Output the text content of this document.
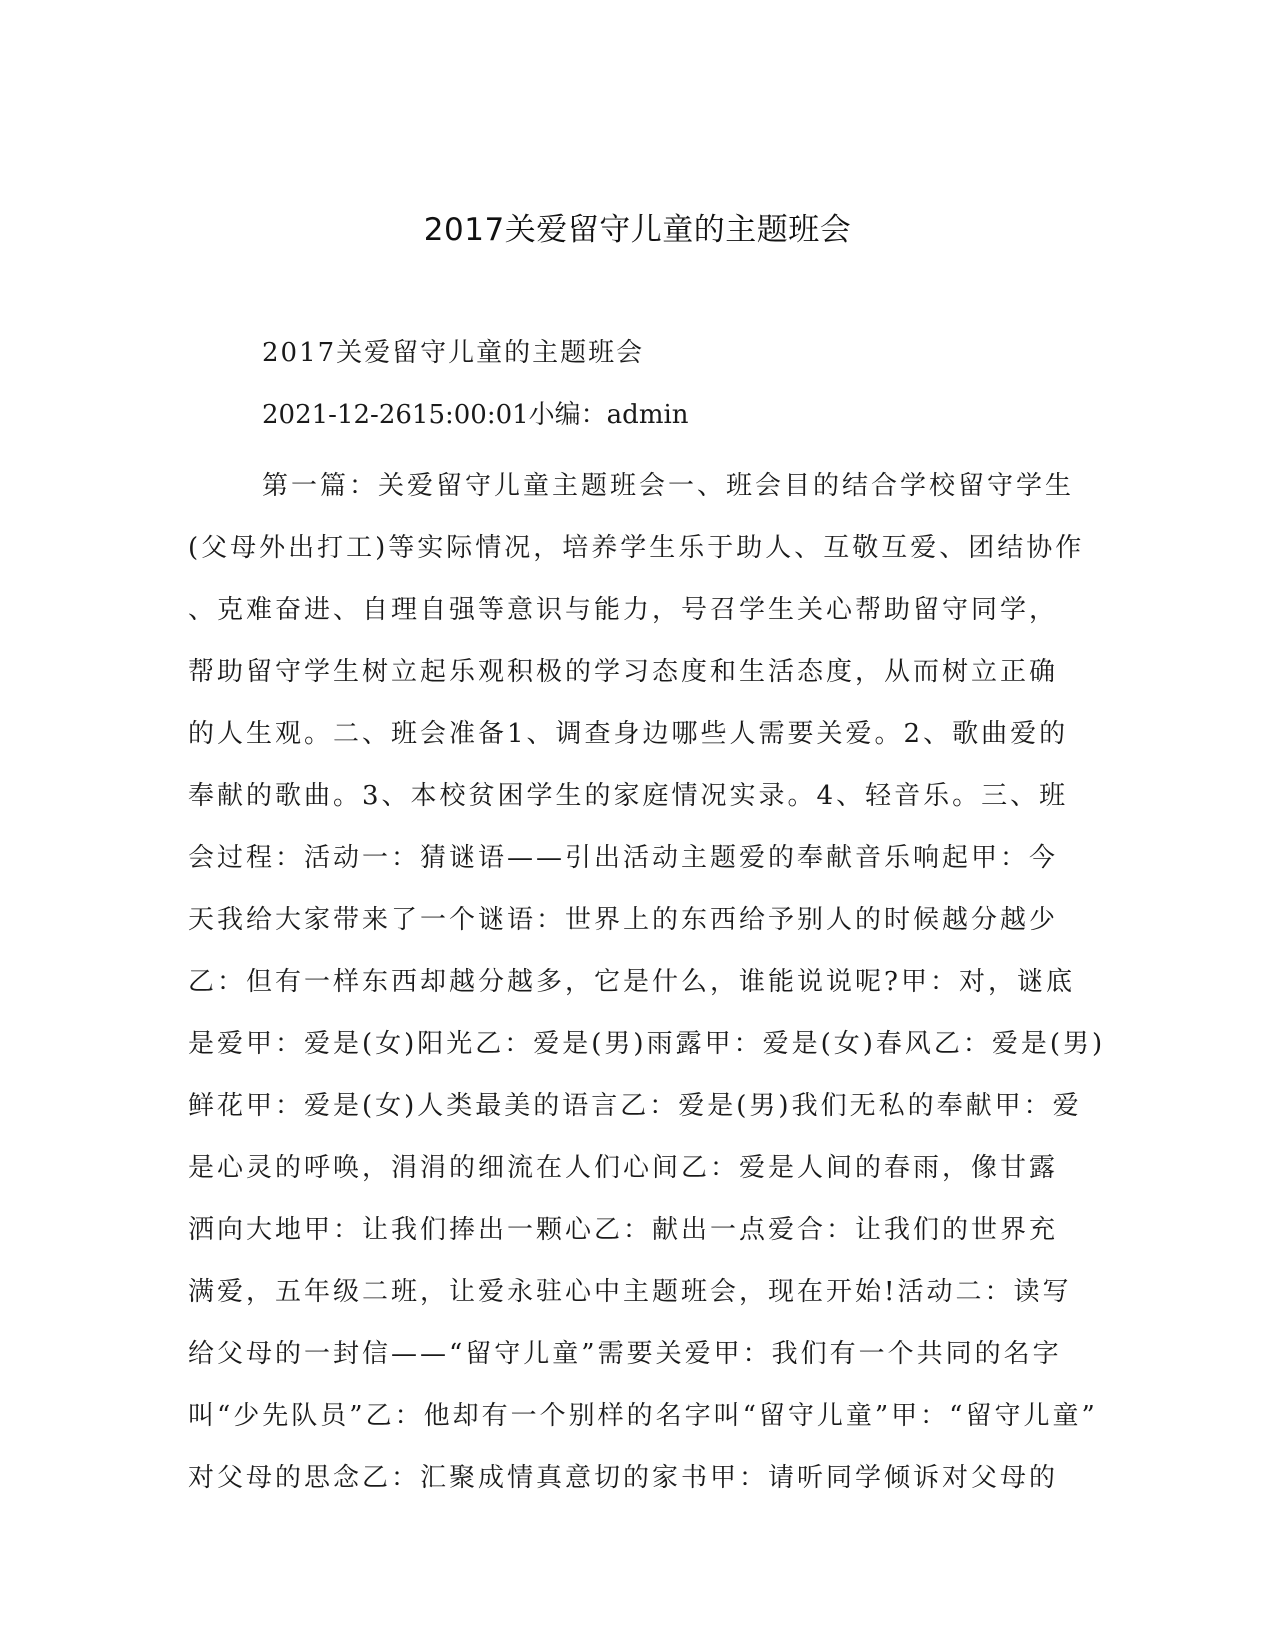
2017关爱留守儿童的主题班会

2017关爱留守儿童的主题班会

2021-12-2615:00:01小编：admin

第一篇：关爱留守儿童主题班会一、班会目的结合学校留守学生
(父母外出打工)等实际情况，培养学生乐于助人、互敬互爱、团结协作
、克难奋进、自理自强等意识与能力，号召学生关心帮助留守同学，
帮助留守学生树立起乐观积极的学习态度和生活态度，从而树立正确
的人生观。二、班会准备1、调查身边哪些人需要关爱。2、歌曲爱的
奉献的歌曲。3、本校贫困学生的家庭情况实录。4、轻音乐。三、班
会过程：活动一：猜谜语——引出活动主题爱的奉献音乐响起甲：今
天我给大家带来了一个谜语：世界上的东西给予别人的时候越分越少
乙：但有一样东西却越分越多，它是什么，谁能说说呢?甲：对，谜底
是爱甲：爱是(女)阳光乙：爱是(男)雨露甲：爱是(女)春风乙：爱是(男)
鲜花甲：爱是(女)人类最美的语言乙：爱是(男)我们无私的奉献甲：爱
是心灵的呼唤，涓涓的细流在人们心间乙：爱是人间的春雨，像甘露
洒向大地甲：让我们捧出一颗心乙：献出一点爱合：让我们的世界充
满爱，五年级二班，让爱永驻心中主题班会，现在开始!活动二：读写
给父母的一封信——“留守儿童”需要关爱甲：我们有一个共同的名字
叫“少先队员”乙：他却有一个别样的名字叫“留守儿童”甲：“留守儿童”
对父母的思念乙：汇聚成情真意切的家书甲：请听同学倾诉对父母的
